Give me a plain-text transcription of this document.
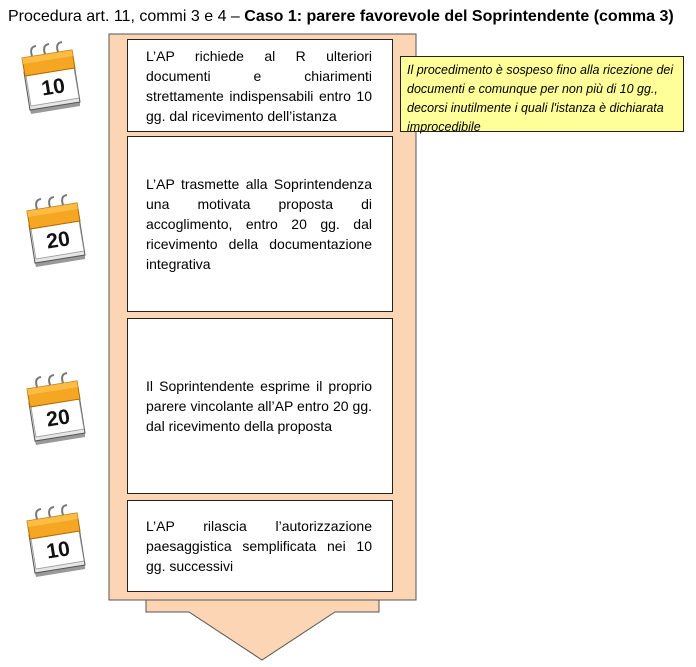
Procedura art. 11, commi 3 e 4 – Caso 1: parere favorevole del Soprintendente (comma 3)
L’AP richiede al R ulteriori documenti e chiarimenti strettamente indispensabili entro 10 gg. dal ricevimento dell’istanza
L’AP trasmette alla Soprintendenza una motivata proposta di accoglimento, entro 20 gg. dal ricevimento della documentazione integrativa
Il Soprintendente esprime il proprio parere vincolante all’AP entro 20 gg. dal ricevimento della proposta
L’AP rilascia l’autorizzazione paesaggistica semplificata nei 10 gg. successivi
Il procedimento è sospeso fino alla ricezione dei documenti e comunque per non più di 10 gg., decorsi inutilmente i quali l'istanza è dichiarata improcedibile
10
20
20
10
